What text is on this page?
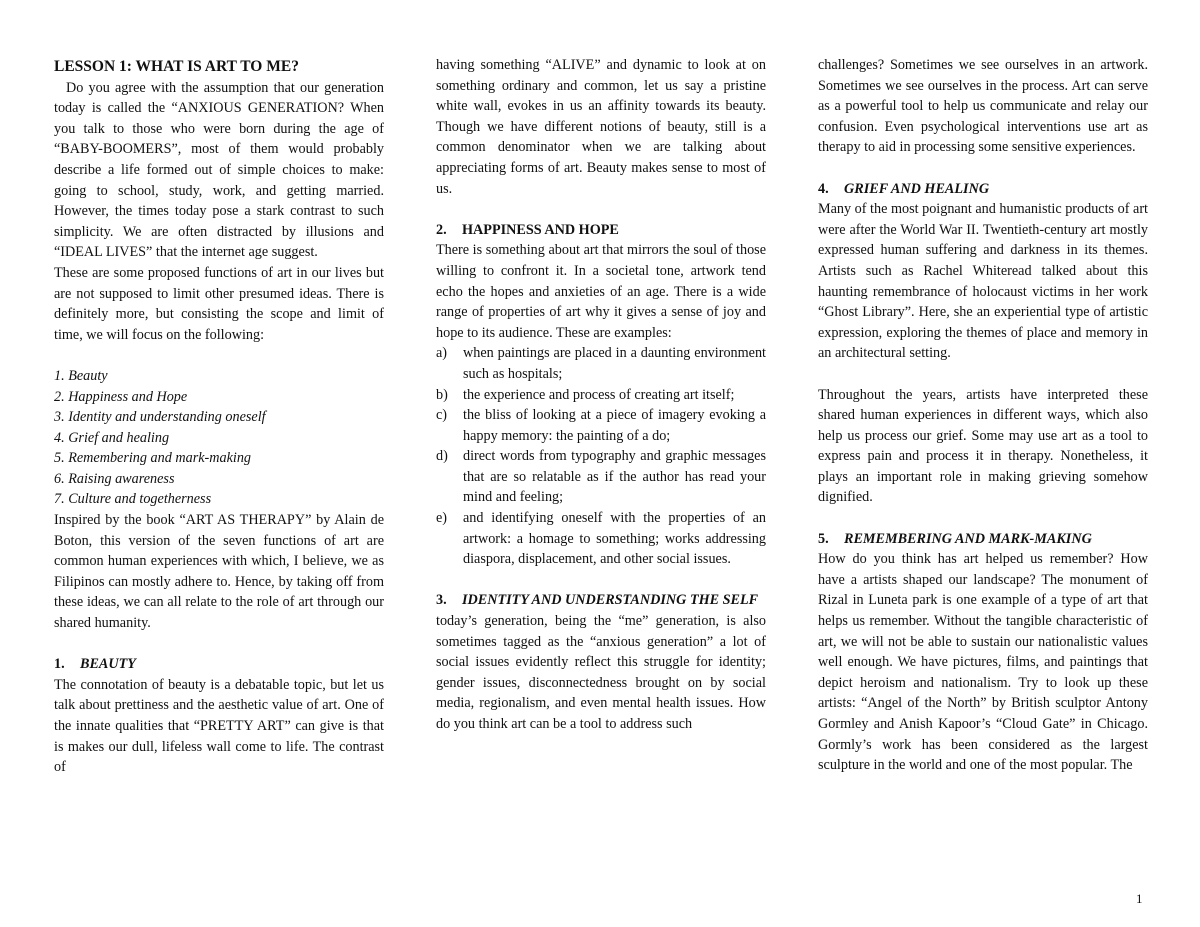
LESSON 1: WHAT IS ART TO ME?

Do you agree with the assumption that our generation today is called the “ANXIOUS GENERATION? When you talk to those who were born during the age of “BABY-BOOMERS”, most of them would probably describe a life formed out of simple choices to make: going to school, study, work, and getting married. However, the times today pose a stark contrast to such simplicity. We are often distracted by illusions and “IDEAL LIVES” that the internet age suggest.

These are some proposed functions of art in our lives but are not supposed to limit other presumed ideas. There is definitely more, but consisting the scope and limit of time, we will focus on the following:

1. Beauty
2. Happiness and Hope
3. Identity and understanding oneself
4. Grief and healing
5. Remembering and mark-making
6. Raising awareness
7. Culture and togetherness

Inspired by the book “ART AS THERAPY” by Alain de Boton, this version of the seven functions of art are common human experiences with which, I believe, we as Filipinos can mostly adhere to. Hence, by taking off from these ideas, we can all relate to the role of art through our shared humanity.

1.	BEAUTY

The connotation of beauty is a debatable topic, but let us talk about prettiness and the aesthetic value of art. One of the innate qualities that “PRETTY ART” can give is that is makes our dull, lifeless wall come to life. The contrast of

having something “ALIVE” and dynamic to look at on something ordinary and common, let us say a pristine white wall, evokes in us an affinity towards its beauty. Though we have different notions of beauty, still is a common denominator when we are talking about appreciating forms of art. Beauty makes sense to most of us.

2.	HAPPINESS AND HOPE

There is something about art that mirrors the soul of those willing to confront it. In a societal tone, artwork tend echo the hopes and anxieties of an age. There is a wide range of properties of art why it gives a sense of joy and hope to its audience. These are examples:

a)	when paintings are placed in a daunting environment such as hospitals;
b)	the experience and process of creating art itself;
c)	the bliss of looking at a piece of imagery evoking a happy memory: the painting of a do;
d)	direct words from typography and graphic messages that are so relatable as if the author has read your mind and feeling;
e)	and identifying oneself with the properties of an artwork: a homage to something; works addressing diaspora, displacement, and other social issues.
3.	IDENTITY AND UNDERSTANDING THE SELF

today’s generation, being the “me” generation, is also sometimes tagged as the “anxious generation” a lot of social issues evidently reflect this struggle for identity; gender issues, disconnectedness brought on by social media, regionalism, and even mental health issues. How do you think art can be a tool to address such

challenges? Sometimes we see ourselves in an artwork. Sometimes we see ourselves in the process. Art can serve as a powerful tool to help us communicate and relay our confusion. Even psychological interventions use art as therapy to aid in processing some sensitive experiences.

4.	GRIEF AND HEALING

Many of the most poignant and humanistic products of art were after the World War II. Twentieth-century art mostly expressed human suffering and darkness in its themes. Artists such as Rachel Whiteread talked about this haunting remembrance of holocaust victims in her work “Ghost Library”. Here, she an experiential type of artistic expression, exploring the themes of place and memory in an architectural setting.

Throughout the years, artists have interpreted these shared human experiences in different ways, which also help us process our grief. Some may use art as a tool to express pain and process it in therapy. Nonetheless, it plays an important role in making grieving somehow dignified.

5.	REMEMBERING AND MARK-MAKING

How do you think has art helped us remember? How have a artists shaped our landscape? The monument of Rizal in Luneta park is one example of a type of art that helps us remember. Without the tangible characteristic of art, we will not be able to sustain our nationalistic values well enough. We have pictures, films, and paintings that depict heroism and nationalism. Try to look up these artists: “Angel of the North” by British sculptor Antony Gormley and Anish Kapoor’s “Cloud Gate” in Chicago. Gormly’s work has been considered as the largest sculpture in the world and one of the most popular. The

1
